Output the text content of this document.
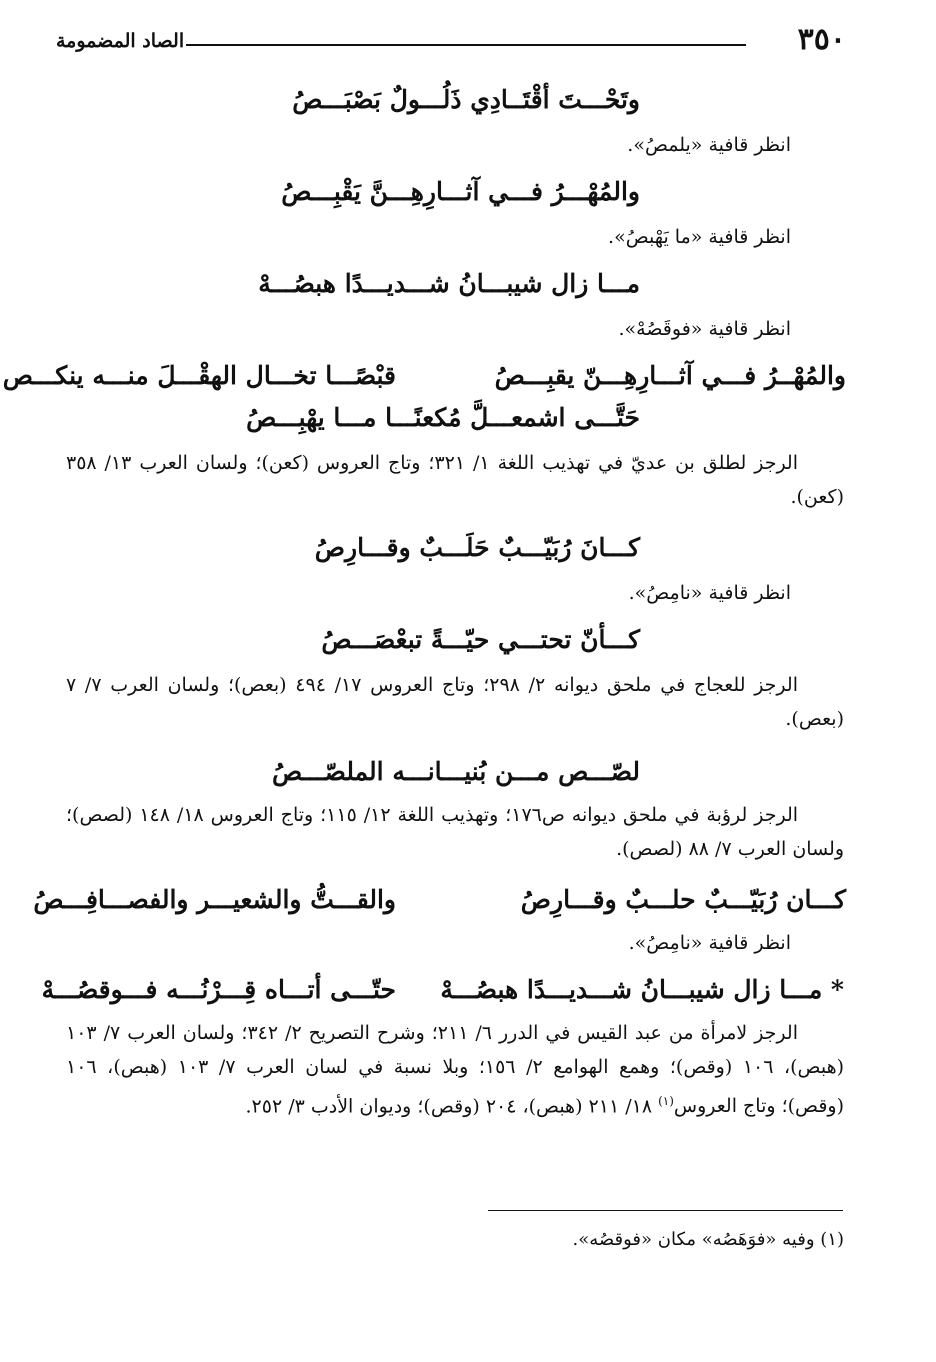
٣٥٠
الصاد المضمومة
وتَحْـــتَ أقْتَــادِي ذَلُـــولٌ بَصْبَـــصُ
انظر قافية «يلمصُ».
والمُهْـــرُ فـــي آثـــارِهِـــنَّ يَقْبِـــصُ
انظر قافية «ما يَهْبصُ».
مـــا زال شيبـــانُ شـــديـــدًا هبصُـــهْ
انظر قافية «فوقَصُهْ».
والمُهْــرُ فـــي آثـــارِهِـــنّ يقبِـــصُ
قبْصًـــا تخـــال الهقْـــلَ منـــه ينكـــص
حَتَّـــى اشمعـــلَّ مُكعنًـــا مـــا يهْبِـــصُ
الرجز لطلق بن عديّ في تهذيب اللغة ١/ ٣٢١؛ وتاج العروس (كعن)؛ ولسان العرب ١٣/ ٣٥٨ (كعن).
كـــانَ رُبَيّـــبٌ حَلَـــبٌ وقـــارِصُ
انظر قافية «نامِصُ».
كـــأنّ تحتـــي حيّـــةً تبعْصَـــصُ
الرجز للعجاج في ملحق ديوانه ٢/ ٢٩٨؛ وتاج العروس ١٧/ ٤٩٤ (بعص)؛ ولسان العرب ٧/ ٧ (بعص).
لصّـــص مـــن بُنيـــانـــه الملصّـــصُ
الرجز لرؤبة في ملحق ديوانه ص١٧٦؛ وتهذيب اللغة ١٢/ ١١٥؛ وتاج العروس ١٨/ ١٤٨ (لصص)؛ ولسان العرب ٧/ ٨٨ (لصص).
كـــان رُبَيّـــبٌ حلـــبٌ وقـــارِصُ
والقـــتُّ والشعيـــر والفصـــافِـــصُ
انظر قافية «نامِصُ».
* مـــا زال شيبـــانُ شـــديـــدًا هبصُـــهْ
حتّـــى أتـــاه قِـــرْنُـــه فـــوقصُـــهْ
الرجز لامرأة من عبد القيس في الدرر ٦/ ٢١١؛ وشرح التصريح ٢/ ٣٤٢؛ ولسان العرب ٧/ ١٠٣ (هبص)، ١٠٦ (وقص)؛ وهمع الهوامع ٢/ ١٥٦؛ وبلا نسبة في لسان العرب ٧/ ١٠٣ (هبص)، ١٠٦ (وقص)؛ وتاج العروس$^{(١)}$ ١٨/ ٢١١ (هبص)، ٢٠٤ (وقص)؛ وديوان الأدب ٣/ ٢٥٢.
(١) وفيه «فوَهَصُه» مكان «فوقصُه».
